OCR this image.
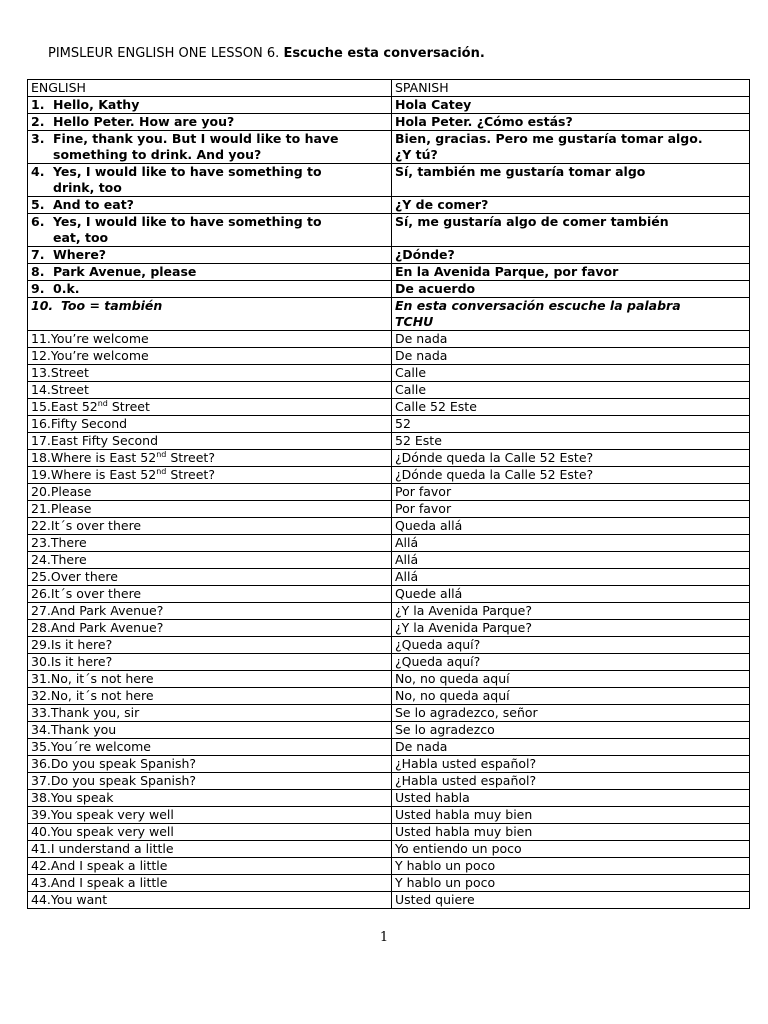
PIMSLEUR ENGLISH ONE LESSON 6. Escuche esta conversación.
ENGLISH	SPANISH
1. Hello, Kathy	Hola Catey
2. Hello Peter. How are you?	Hola Peter. ¿Cómo estás?
3. Fine, thank you. But I would like to have
something to drink. And you?	Bien, gracias. Pero me gustaría tomar algo.
¿Y tú?

4. Yes, I would like to have something to
drink, too	Sí, también me gustaría tomar algo
5. And to eat?	¿Y de comer?
6. Yes, I would like to have something to
eat, too	Sí, me gustaría algo de comer también
7. Where?	¿Dónde?
8. Park Avenue, please	En la Avenida Parque, por favor
9. 0.k.	De acuerdo
10. Too = también	En esta conversación escuche la palabra
TCHU

11.You’re welcome	De nada
12.You’re welcome	De nada
13.Street	Calle
14.Street	Calle
15.East 52nd Street	Calle 52 Este
16.Fifty Second	52
17.East Fifty Second	52 Este
18.Where is East 52nd Street?	¿Dónde queda la Calle 52 Este?
19.Where is East 52nd Street?	¿Dónde queda la Calle 52 Este?
20.Please	Por favor
21.Please	Por favor
22.It´s over there	Queda allá
23.There	Allá
24.There	Allá
25.Over there	Allá
26.It´s over there	Quede allá
27.And Park Avenue?	¿Y la Avenida Parque?
28.And Park Avenue?	¿Y la Avenida Parque?
29.Is it here?	¿Queda aquí?
30.Is it here?	¿Queda aquí?
31.No, it´s not here	No, no queda aquí
32.No, it´s not here	No, no queda aquí
33.Thank you, sir	Se lo agradezco, señor
34.Thank you	Se lo agradezco
35.You´re welcome	De nada
36.Do you speak Spanish?	¿Habla usted español?
37.Do you speak Spanish?	¿Habla usted español?
38.You speak	Usted habla
39.You speak very well	Usted habla muy bien
40.You speak very well	Usted habla muy bien
41.I understand a little	Yo entiendo un poco
42.And I speak a little	Y hablo un poco
43.And I speak a little	Y hablo un poco
44.You want	Usted quiere
1
